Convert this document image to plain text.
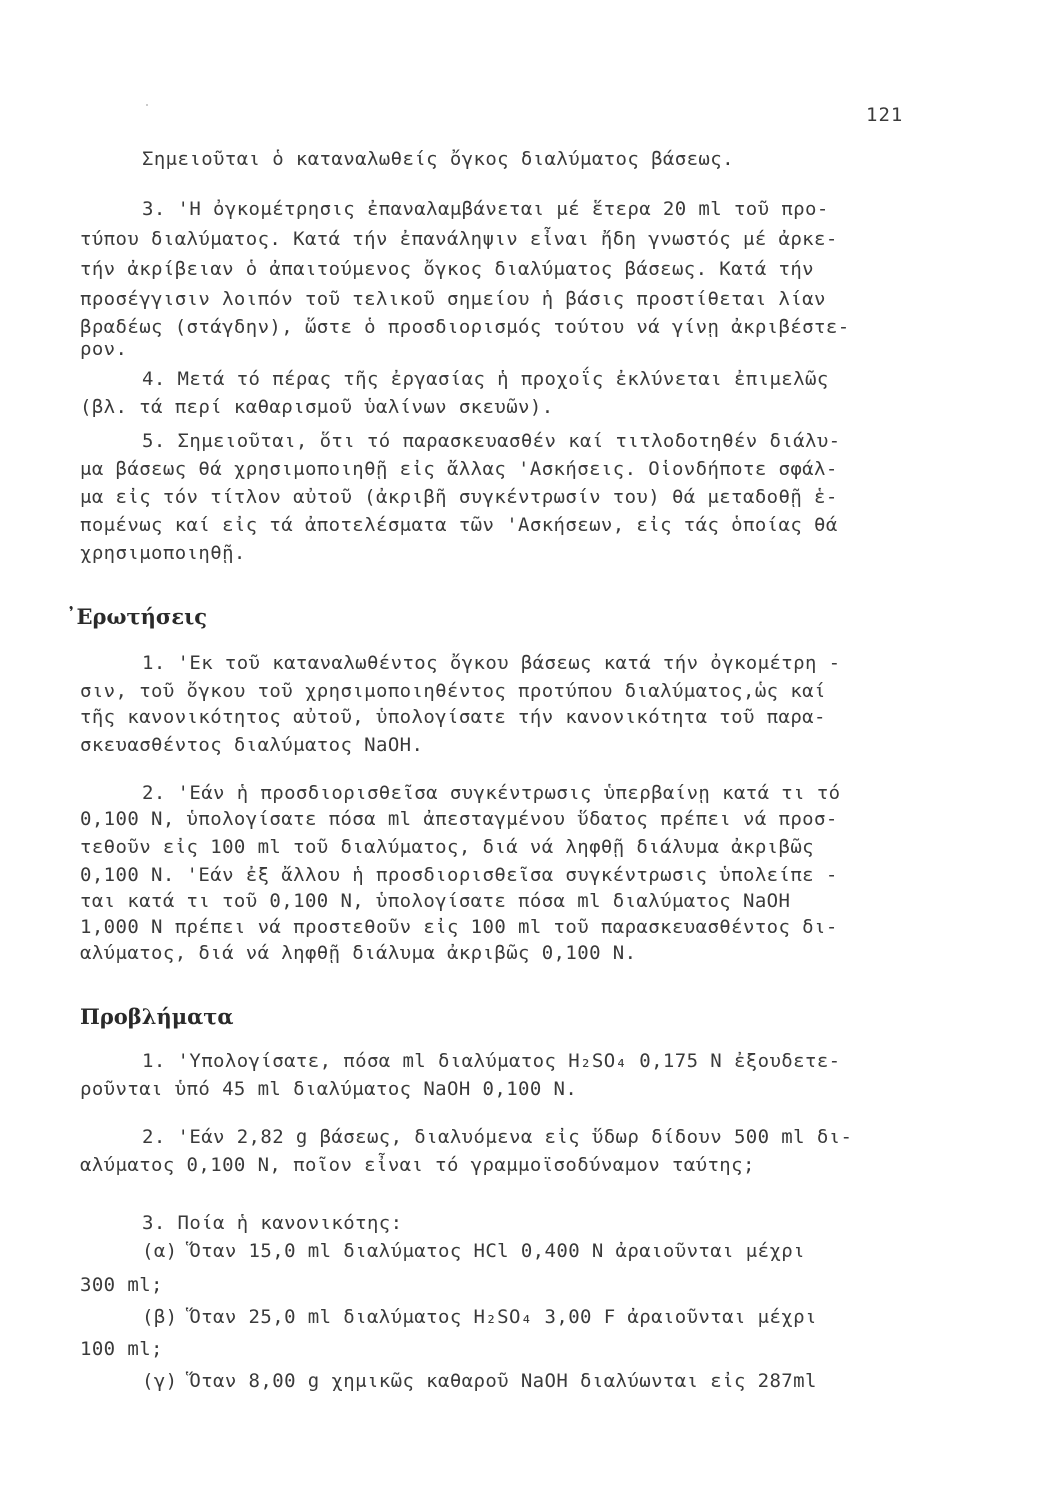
121
Σημειοῦται ὁ καταναλωθείς ὄγκος διαλύματος βάσεως.
3. 'Η ὀγκομέτρησις ἐπαναλαμβάνεται μέ ἕτερα 20 ml τοῦ προ-
τύπου διαλύματος. Κατά τήν ἐπανάληψιν εἶναι ἤδη γνωστός μέ ἀρκε-
τήν ἀκρίβειαν ὁ ἀπαιτούμενος ὄγκος διαλύματος βάσεως. Κατά τήν
προσέγγισιν λοιπόν τοῦ τελικοῦ σημείου ἡ βάσις προστίθεται λίαν
βραδέως (στάγδην), ὥστε ὁ προσδιορισμός τούτου νά γίνῃ ἀκριβέστε-
ρον.
4. Μετά τό πέρας τῆς ἐργασίας ἡ προχοΐς ἐκλύνεται ἐπιμελῶς
(βλ. τά περί καθαρισμοῦ ὑαλίνων σκευῶν).
5. Σημειοῦται, ὅτι τό παρασκευασθέν καί τιτλοδοτηθέν διάλυ-
μα βάσεως θά χρησιμοποιηθῇ εἰς ἄλλας 'Ασκήσεις. Οἱονδήποτε σφάλ-
μα εἰς τόν τίτλον αὐτοῦ (ἀκριβῆ συγκέντρωσίν του) θά μεταδοθῇ ἑ-
πομένως καί εἰς τά ἀποτελέσματα τῶν 'Ασκήσεων, εἰς τάς ὁποίας θά
χρησιμοποιηθῇ.
᾿Ερωτήσεις
1. 'Εκ τοῦ καταναλωθέντος ὄγκου βάσεως κατά τήν ὀγκομέτρη -
σιν, τοῦ ὄγκου τοῦ χρησιμοποιηθέντος προτύπου διαλύματος,ὡς καί
τῆς κανονικότητος αὐτοῦ, ὑπολογίσατε τήν κανονικότητα τοῦ παρα-
σκευασθέντος διαλύματος NaOH.
2. 'Εάν ἡ προσδιορισθεῖσα συγκέντρωσις ὑπερβαίνῃ κατά τι τό
0,100 N, ὑπολογίσατε πόσα ml ἀπεσταγμένου ὕδατος πρέπει νά προσ-
τεθοῦν εἰς 100 ml τοῦ διαλύματος, διά νά ληφθῇ διάλυμα ἀκριβῶς
0,100 N. 'Εάν ἐξ ἄλλου ἡ προσδιορισθεῖσα συγκέντρωσις ὑπολείπε -
ται κατά τι τοῦ 0,100 N, ὑπολογίσατε πόσα ml διαλύματος NaOH
1,000 N πρέπει νά προστεθοῦν εἰς 100 ml τοῦ παρασκευασθέντος δι-
αλύματος, διά νά ληφθῇ διάλυμα ἀκριβῶς 0,100 N.
Προβλήματα
1. 'Υπολογίσατε, πόσα ml διαλύματος H₂SO₄ 0,175 N ἐξουδετε-
ροῦνται ὑπό 45 ml διαλύματος NaOH 0,100 N.
2. 'Εάν 2,82 g βάσεως, διαλυόμενα εἰς ὕδωρ δίδουν 500 ml δι-
αλύματος 0,100 N, ποῖον εἶναι τό γραμμοϊσοδύναμον ταύτης;
3. Ποία ἡ κανονικότης:
(α) Ὅταν 15,0 ml διαλύματος HCl 0,400 N ἀραιοῦνται μέχρι
300 ml;
(β) Ὅταν 25,0 ml διαλύματος H₂SO₄ 3,00 F ἀραιοῦνται μέχρι
100 ml;
(γ) Ὅταν 8,00 g χημικῶς καθαροῦ NaOH διαλύωνται εἰς 287ml
